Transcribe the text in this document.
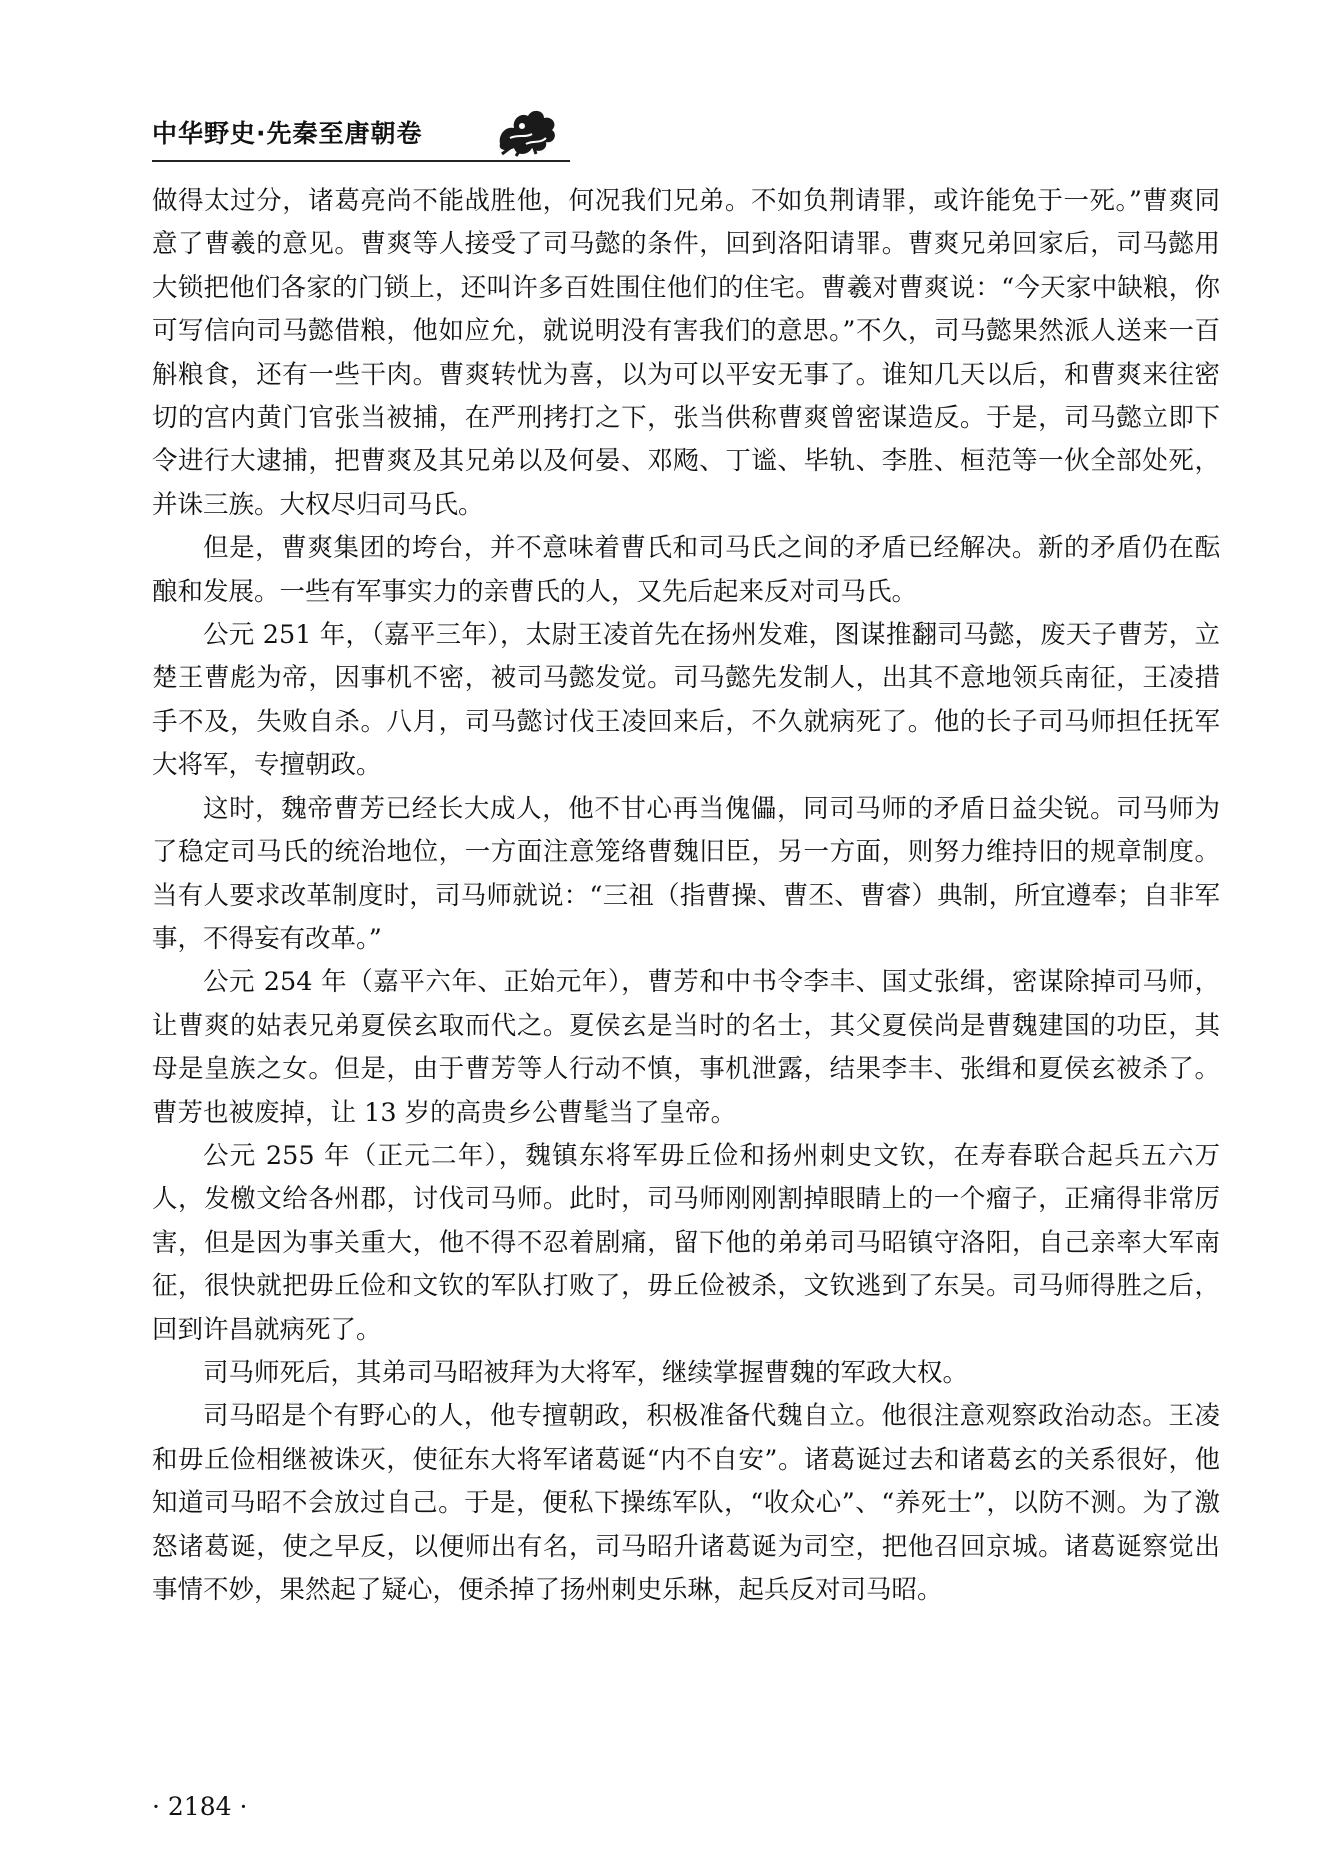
中华野史·先秦至唐朝卷

做得太过分，诸葛亮尚不能战胜他，何况我们兄弟。不如负荆请罪，或许能免于一死。”曹爽同意了曹羲的意见。曹爽等人接受了司马懿的条件，回到洛阳请罪。曹爽兄弟回家后，司马懿用大锁把他们各家的门锁上，还叫许多百姓围住他们的住宅。曹羲对曹爽说：“今天家中缺粮，你可写信向司马懿借粮，他如应允，就说明没有害我们的意思。”不久，司马懿果然派人送来一百斛粮食，还有一些干肉。曹爽转忧为喜，以为可以平安无事了。谁知几天以后，和曹爽来往密切的宫内黄门官张当被捕，在严刑拷打之下，张当供称曹爽曾密谋造反。于是，司马懿立即下令进行大逮捕，把曹爽及其兄弟以及何晏、邓飏、丁谧、毕轨、李胜、桓范等一伙全部处死，并诛三族。大权尽归司马氏。

但是，曹爽集团的垮台，并不意味着曹氏和司马氏之间的矛盾已经解决。新的矛盾仍在酝酿和发展。一些有军事实力的亲曹氏的人，又先后起来反对司马氏。

公元 251 年，（嘉平三年），太尉王凌首先在扬州发难，图谋推翻司马懿，废天子曹芳，立楚王曹彪为帝，因事机不密，被司马懿发觉。司马懿先发制人，出其不意地领兵南征，王凌措手不及，失败自杀。八月，司马懿讨伐王凌回来后，不久就病死了。他的长子司马师担任抚军大将军，专擅朝政。

这时，魏帝曹芳已经长大成人，他不甘心再当傀儡，同司马师的矛盾日益尖锐。司马师为了稳定司马氏的统治地位，一方面注意笼络曹魏旧臣，另一方面，则努力维持旧的规章制度。当有人要求改革制度时，司马师就说：“三祖（指曹操、曹丕、曹睿）典制，所宜遵奉；自非军事，不得妄有改革。”

公元 254 年（嘉平六年、正始元年），曹芳和中书令李丰、国丈张缉，密谋除掉司马师，让曹爽的姑表兄弟夏侯玄取而代之。夏侯玄是当时的名士，其父夏侯尚是曹魏建国的功臣，其母是皇族之女。但是，由于曹芳等人行动不慎，事机泄露，结果李丰、张缉和夏侯玄被杀了。曹芳也被废掉，让 13 岁的高贵乡公曹髦当了皇帝。

公元 255 年（正元二年），魏镇东将军毋丘俭和扬州刺史文钦，在寿春联合起兵五六万人，发檄文给各州郡，讨伐司马师。此时，司马师刚刚割掉眼睛上的一个瘤子，正痛得非常厉害，但是因为事关重大，他不得不忍着剧痛，留下他的弟弟司马昭镇守洛阳，自己亲率大军南征，很快就把毋丘俭和文钦的军队打败了，毋丘俭被杀，文钦逃到了东吴。司马师得胜之后，回到许昌就病死了。

司马师死后，其弟司马昭被拜为大将军，继续掌握曹魏的军政大权。

司马昭是个有野心的人，他专擅朝政，积极准备代魏自立。他很注意观察政治动态。王凌和毋丘俭相继被诛灭，使征东大将军诸葛诞“内不自安”。诸葛诞过去和诸葛玄的关系很好，他知道司马昭不会放过自己。于是，便私下操练军队，“收众心”、“养死士”，以防不测。为了激怒诸葛诞，使之早反，以便师出有名，司马昭升诸葛诞为司空，把他召回京城。诸葛诞察觉出事情不妙，果然起了疑心，便杀掉了扬州刺史乐琳，起兵反对司马昭。

· 2184 ·
